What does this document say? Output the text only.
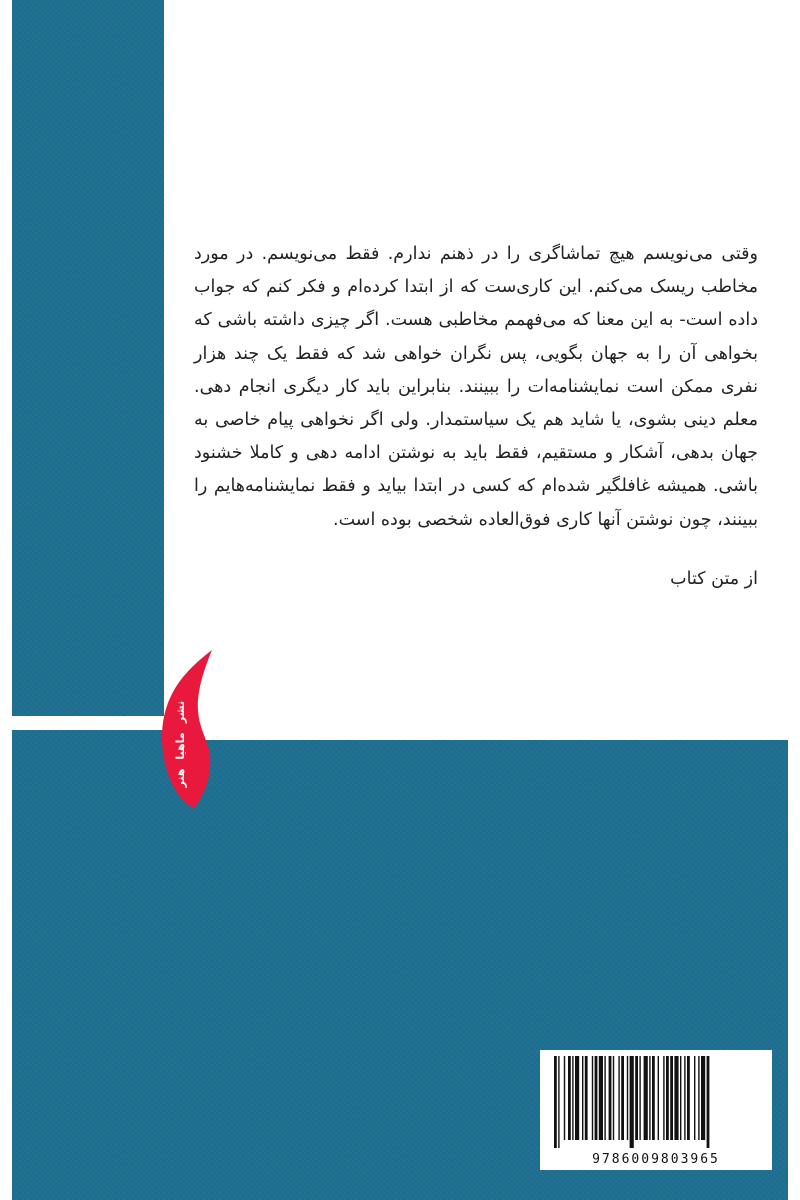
وقتی می‌نویسم هیچ تماشاگری را در ذهنم ندارم. فقط می‌نویسم. در مورد مخاطب ریسک می‌کنم. این کاری‌ست که از ابتدا کرده‌ام و فکر کنم که جواب داده است- به این معنا که می‌فهمم مخاطبی هست. اگر چیزی داشته باشی که بخواهی آن را به جهان بگویی، پس نگران خواهی شد که فقط یک چند هزار نفری ممکن است نمایشنامه‌ات را ببینند. بنابراین باید کار دیگری انجام دهی. معلم دینی بشوی، یا شاید هم یک سیاستمدار. ولی اگر نخواهی پیام خاصی به جهان بدهی، آشکار و مستقیم، فقط باید به نوشتن ادامه دهی و کاملا خشنود باشی. همیشه غافلگیر شده‌ام که کسی در ابتدا بیاید و فقط نمایشنامه‌هایم را ببینند، چون نوشتن آنها کاری فوق‌العاده شخصی بوده است.

از متن کتاب
نشر
ماهیا
هنر
9786009803965
